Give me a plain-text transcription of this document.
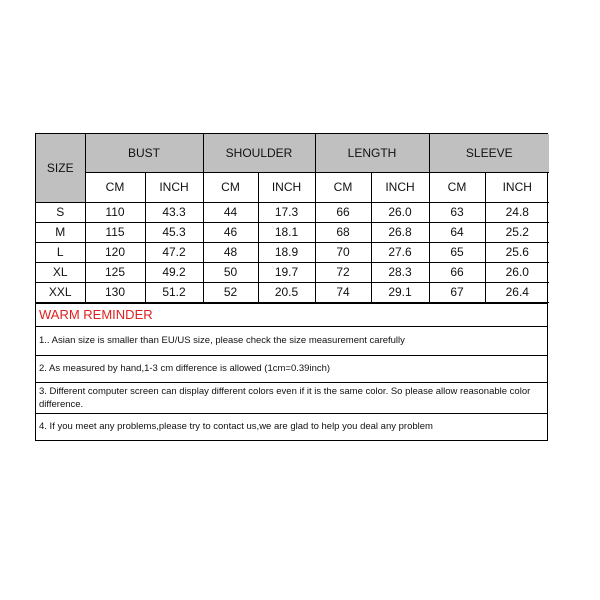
SIZE	BUST		SHOULDER		LENGTH		SLEEVE	
	CM	INCH	CM	INCH	CM	INCH	CM	INCH
S	110	43.3	44	17.3	66	26.0	63	24.8
M	115	45.3	46	18.1	68	26.8	64	25.2
L	120	47.2	48	18.9	70	27.6	65	25.6
XL	125	49.2	50	19.7	72	28.3	66	26.0
XXL	130	51.2	52	20.5	74	29.1	67	26.4
WARM REMINDER
1.. Asian size is smaller than EU/US size, please check the size measurement carefully
2. As measured by hand,1-3 cm difference is allowed (1cm=0.39inch)
3. Different computer screen can display different colors even if it is the same color. So please allow reasonable color difference.
4. If you meet any problems,please try to contact us,we are glad to help you deal any problem
